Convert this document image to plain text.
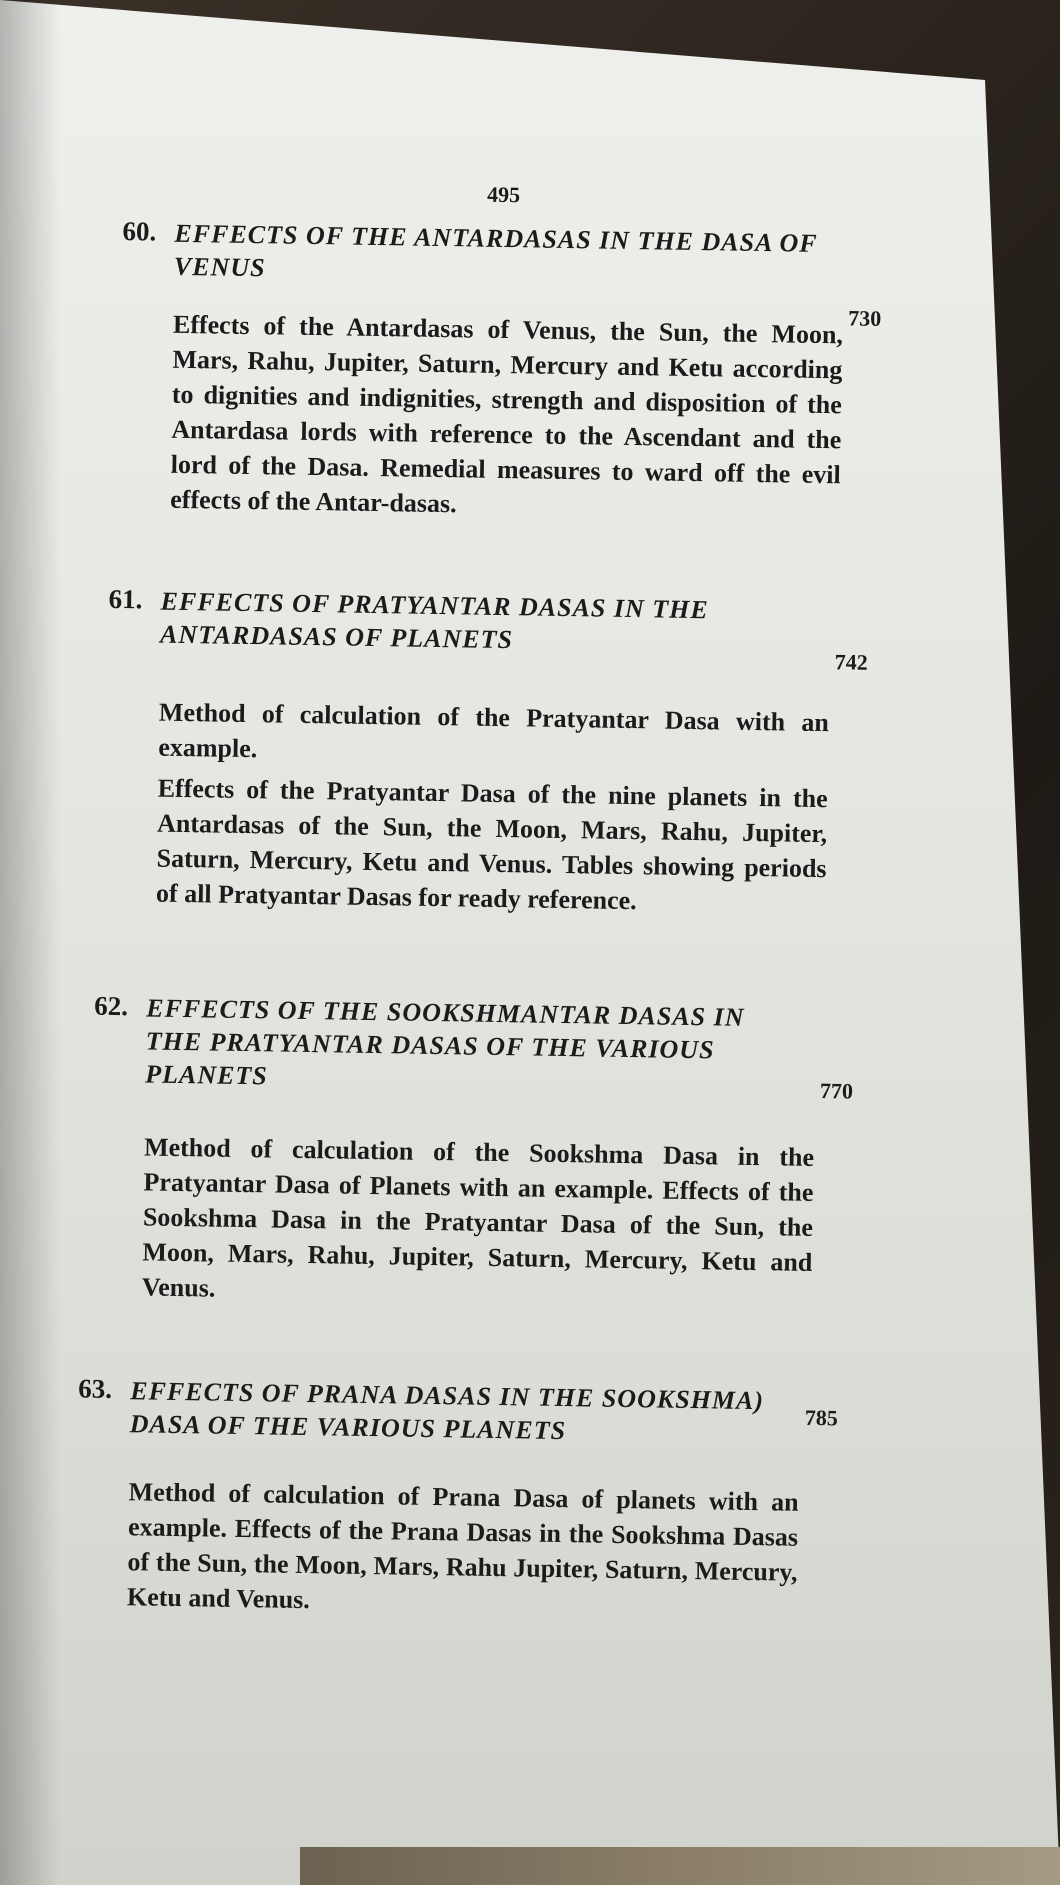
495
60. EFFECTS OF THE ANTARDASAS IN THE DASA OF VENUS
730

Effects of the Antardasas of Venus, the Sun, the Moon, Mars, Rahu, Jupiter, Saturn, Mercury and Ketu according to dignities and indignities, strength and disposition of the Antardasa lords with reference to the Ascendant and the lord of the Dasa. Remedial measures to ward off the evil effects of the Antar-dasas.

61. EFFECTS OF PRATYANTAR DASAS IN THE ANTARDASAS OF PLANETS
742

Method of calculation of the Pratyantar Dasa with an example.

Effects of the Pratyantar Dasa of the nine planets in the Antardasas of the Sun, the Moon, Mars, Rahu, Jupiter, Saturn, Mercury, Ketu and Venus. Tables showing periods of all Pratyantar Dasas for ready reference.

62. EFFECTS OF THE SOOKSHMANTAR DASAS IN THE PRATYANTAR DASAS OF THE VARIOUS PLANETS
770

Method of calculation of the Sookshma Dasa in the Pratyantar Dasa of Planets with an example. Effects of the Sookshma Dasa in the Pratyantar Dasa of the Sun, the Moon, Mars, Rahu, Jupiter, Saturn, Mercury, Ketu and Venus.

63. EFFECTS OF PRANA DASAS IN THE SOOKSHMA) DASA OF THE VARIOUS PLANETS	785

Method of calculation of Prana Dasa of planets with an example. Effects of the Prana Dasas in the Sookshma Dasas of the Sun, the Moon, Mars, Rahu Jupiter, Saturn, Mercury, Ketu and Venus.
